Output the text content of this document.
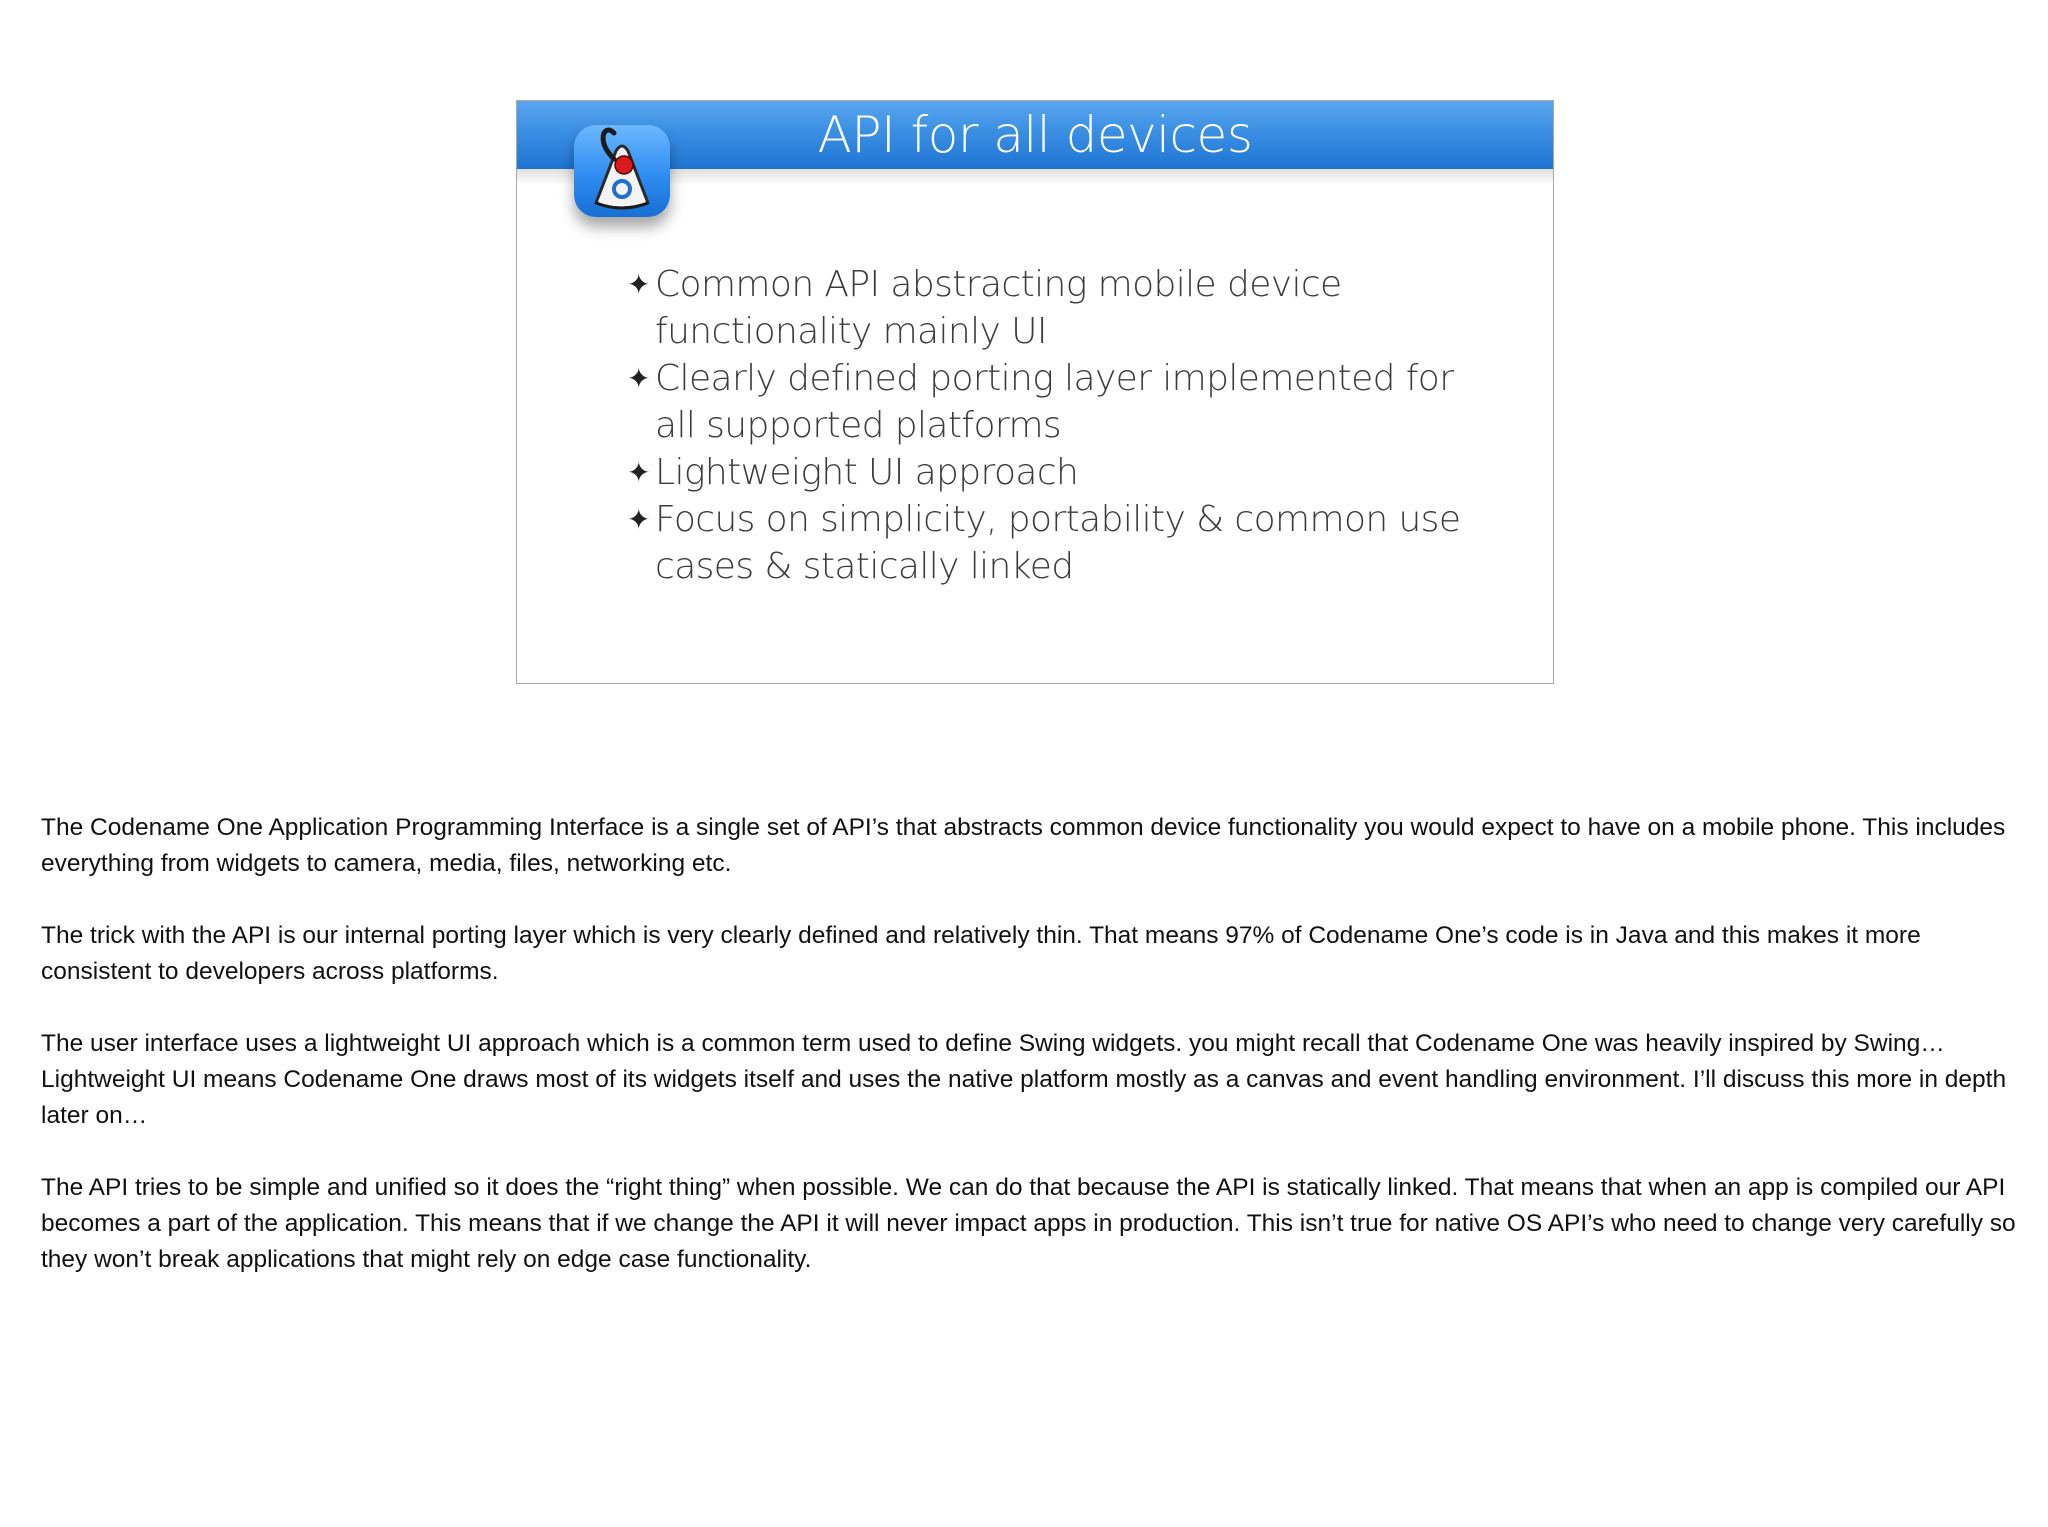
API for all devices
✦ Common API abstracting mobile device functionality mainly UI
✦ Clearly defined porting layer implemented for all supported platforms
✦ Lightweight UI approach
✦ Focus on simplicity, portability & common use cases & statically linked

The Codename One Application Programming Interface is a single set of API’s that abstracts common device functionality you would expect to have on a mobile phone. This includes everything from widgets to camera, media, files, networking etc.

The trick with the API is our internal porting layer which is very clearly defined and relatively thin. That means 97% of Codename One’s code is in Java and this makes it more consistent to developers across platforms.

The user interface uses a lightweight UI approach which is a common term used to define Swing widgets. you might recall that Codename One was heavily inspired by Swing…
Lightweight UI means Codename One draws most of its widgets itself and uses the native platform mostly as a canvas and event handling environment. I’ll discuss this more in depth later on…

The API tries to be simple and unified so it does the “right thing” when possible. We can do that because the API is statically linked. That means that when an app is compiled our API becomes a part of the application. This means that if we change the API it will never impact apps in production. This isn’t true for native OS API’s who need to change very carefully so they won’t break applications that might rely on edge case functionality.
